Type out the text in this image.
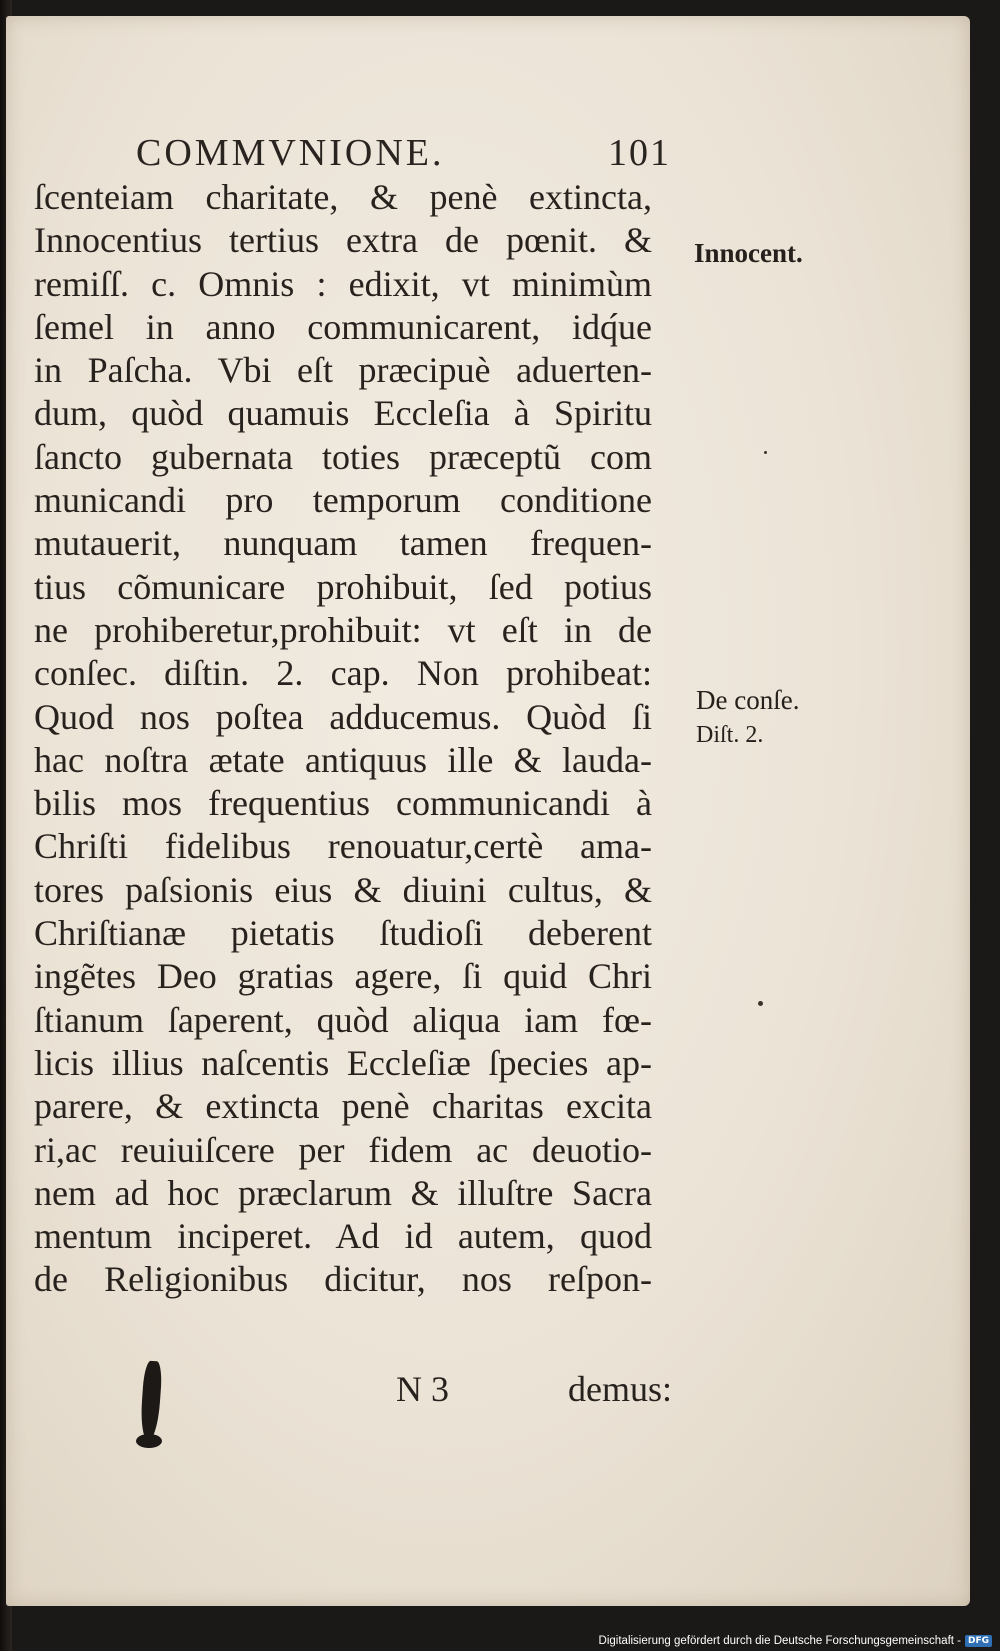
COMMVNIONE.	101
ſcenteiam charitate, & penè extincta,
Innocentius tertius extra de pœnit. &
remiſſ. c. Omnis : edixit, vt minimùm
ſemel in anno communicarent, idq́ue
in Paſcha. Vbi eſt præcipuè aduerten-
dum, quòd quamuis Eccleſia à Spiritu
ſancto gubernata toties præceptũ com
municandi pro temporum conditione
mutauerit, nunquam tamen frequen-
tius cõmunicare prohibuit, ſed potius
ne prohiberetur,prohibuit: vt eſt in de
conſec. diſtin. 2. cap. Non prohibeat:
Quod nos poſtea adducemus. Quòd ſi
hac noſtra ætate antiquus ille & lauda-
bilis mos frequentius communicandi à
Chriſti fidelibus renouatur,certè ama-
tores paſsionis eius & diuini cultus, &
Chriſtianæ pietatis ſtudioſi deberent
ingẽtes Deo gratias agere, ſi quid Chri
ſtianum ſaperent, quòd aliqua iam fœ-
licis illius naſcentis Eccleſiæ ſpecies ap-
parere, & extincta penè charitas excita
ri,ac reuiuiſcere per fidem ac deuotio-
nem ad hoc præclarum & illuſtre Sacra
mentum inciperet. Ad id autem, quod
de Religionibus dicitur, nos reſpon-
Innocent.
De conſe.
Diſt. 2.
N 3	demus:
Digitalisierung gefördert durch die Deutsche Forschungsgemeinschaft - DFG
